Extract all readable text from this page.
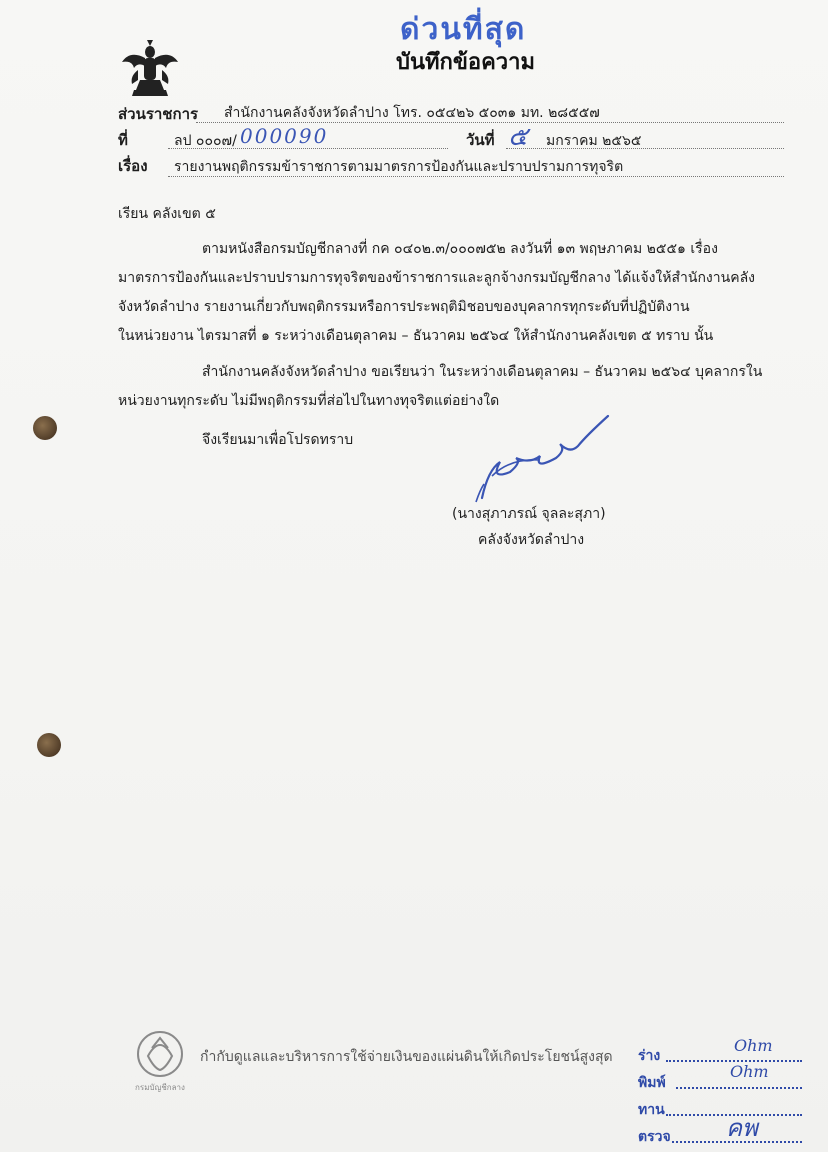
ด่วนที่สุด
บันทึกข้อความ
ส่วนราชการ สำนักงานคลังจังหวัดลำปาง โทร. ๐๕๔๒๖ ๕๐๓๑ มท. ๒๘๕๕๗
ที่	ลป ๐๐๐๗/ 000090	วันที่ ๕ มกราคม ๒๕๖๕
เรื่อง รายงานพฤติกรรมข้าราชการตามมาตรการป้องกันและปราบปรามการทุจริต
เรียน คลังเขต ๕
ตามหนังสือกรมบัญชีกลางที่ กค ๐๔๐๒.๓/๐๐๐๗๕๒ ลงวันที่ ๑๓ พฤษภาคม ๒๕๕๑ เรื่อง
มาตรการป้องกันและปราบปรามการทุจริตของข้าราชการและลูกจ้างกรมบัญชีกลาง ได้แจ้งให้สำนักงานคลัง
จังหวัดลำปาง รายงานเกี่ยวกับพฤติกรรมหรือการประพฤติมิชอบของบุคลากรทุกระดับที่ปฏิบัติงาน
ในหน่วยงาน ไตรมาสที่ ๑ ระหว่างเดือนตุลาคม – ธันวาคม ๒๕๖๔ ให้สำนักงานคลังเขต ๕ ทราบ นั้น
สำนักงานคลังจังหวัดลำปาง ขอเรียนว่า ในระหว่างเดือนตุลาคม – ธันวาคม ๒๕๖๔ บุคลากรใน
หน่วยงานทุกระดับ ไม่มีพฤติกรรมที่ส่อไปในทางทุจริตแต่อย่างใด
จึงเรียนมาเพื่อโปรดทราบ
(นางสุภาภรณ์ จุลละสุภา)
คลังจังหวัดลำปาง
กรมบัญชีกลาง
กำกับดูแลและบริหารการใช้จ่ายเงินของแผ่นดินให้เกิดประโยชน์สูงสุด ร่าง
Ohm
พิมพ์
Ohm
ทาน
ตรวจ คพ
